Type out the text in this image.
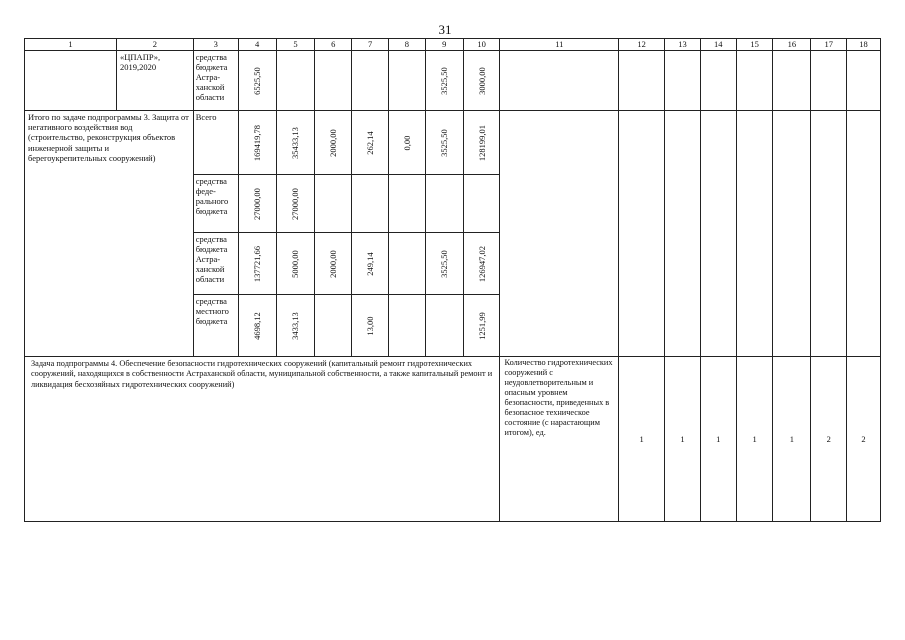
31
1	2	3	4	5	6	7	8	9	10	11	12	13	14	15	16	17	18

	«ЦПАПР», 2019,2020	средства бюджета Астра-ханской области	6525,50					3525,50	3000,00								

Итого по задаче подпрограммы 3. Защита от негативного воздействия вод (строительство, реконструкция объектов инженерной защиты и берегоукрепительных сооружений)		Всего	169419,78	35433,13	2000,00	262,14	0,00	3525,50	128199,01								

		средства феде-рального бюджета	27000,00	27000,00													

		средства бюджета Астра-ханской области	137721,66	5000,00	2000,00	249,14		3525,50	126947,02								

		средства местного бюджета	4698,12	3433,13		13,00			1251,99								

Задача подпрограммы 4. Обеспечение безопасности гидротехнических сооружений (капитальный ремонт гидротехнических сооружений, находящихся в собственности Астраханской области, муниципальной собственности, а также капитальный ремонт и ликвидация бесхозяйных гидротехнических сооружений)										Количество гидротехнических сооружений с неудовлетворительным и опасным уровнем безопасности, приведенных в безопасное техническое состояние (с нарастающим итогом), ед.	1	1	1	1	1	2	2
